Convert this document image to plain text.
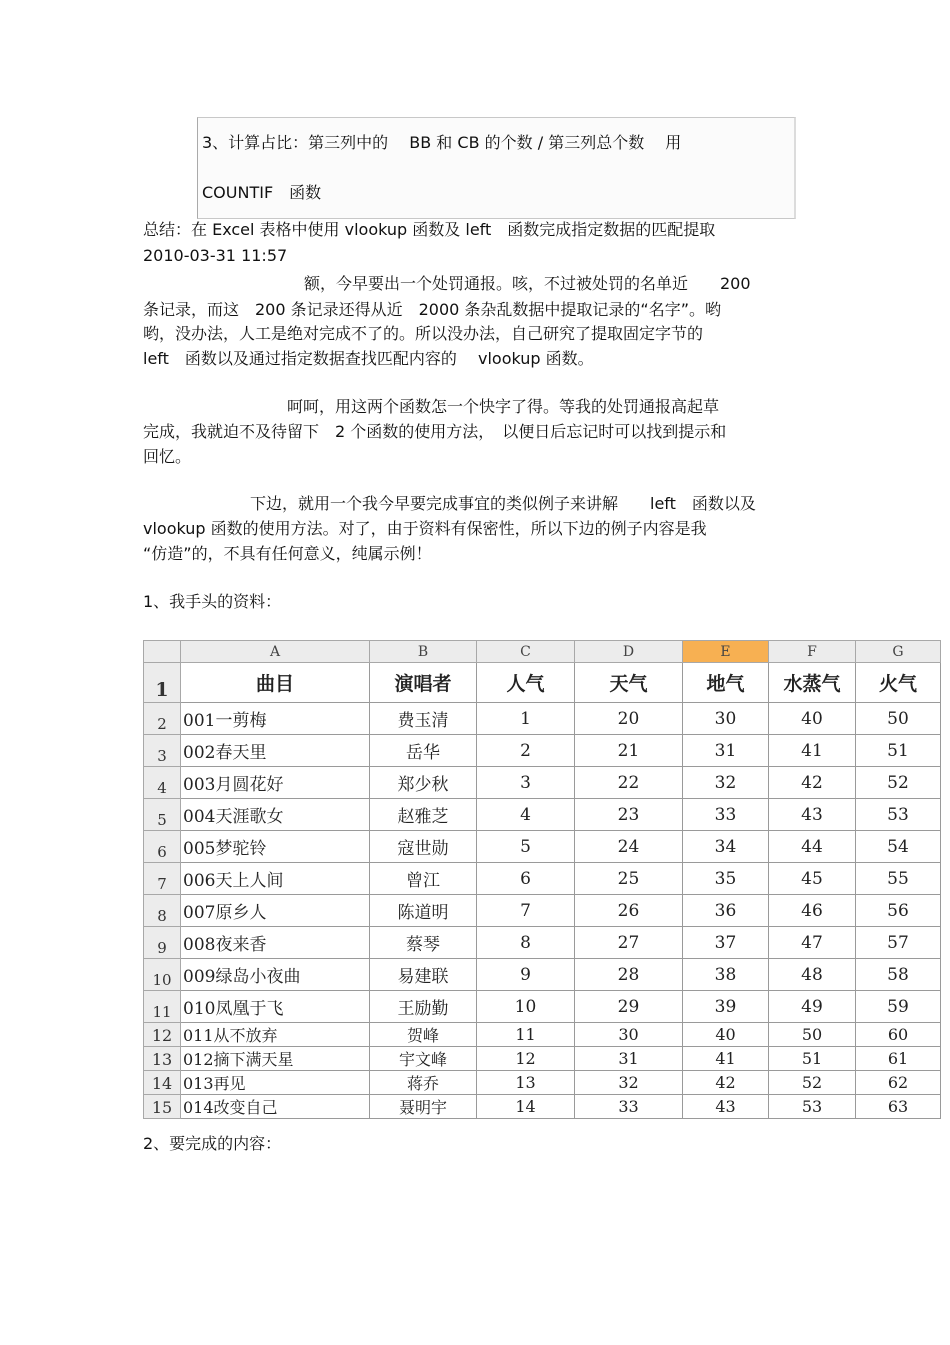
3、计算占比：第三列中的　 BB 和 CB 的个数 / 第三列总个数 　用
COUNTIF　函数
总结：在 Excel 表格中使用 vlookup 函数及 left　函数完成指定数据的匹配提取
2010-03-31 11:57
额，今早要出一个处罚通报。咳，不过被处罚的名单近　　200
条记录，而这　200 条记录还得从近　2000 条杂乱数据中提取记录的“名字”。哟
哟，没办法，人工是绝对完成不了的。所以没办法，自己研究了提取固定字节的
left　函数以及通过指定数据查找匹配内容的　 vlookup 函数。
呵呵，用这两个函数怎一个快字了得。等我的处罚通报高起草
完成，我就迫不及待留下　2 个函数的使用方法，　以便日后忘记时可以找到提示和
回忆。
下边，就用一个我今早要完成事宜的类似例子来讲解　　left　函数以及
vlookup 函数的使用方法。对了，由于资料有保密性，所以下边的例子内容是我
“仿造”的，不具有任何意义，纯属示例！
1、我手头的资料：
	A	B	C	D	E	F	G
1	曲目	演唱者	人气	天气	地气	水蒸气	火气
2	001一剪梅	费玉清	1	20	30	40	50
3	002春天里	岳华	2	21	31	41	51
4	003月圆花好	郑少秋	3	22	32	42	52
5	004天涯歌女	赵雅芝	4	23	33	43	53
6	005梦驼铃	寇世勋	5	24	34	44	54
7	006天上人间	曾江	6	25	35	45	55
8	007原乡人	陈道明	7	26	36	46	56
9	008夜来香	蔡琴	8	27	37	47	57
10	009绿岛小夜曲	易建联	9	28	38	48	58
11	010凤凰于飞	王励勤	10	29	39	49	59
12	011从不放弃	贺峰	11	30	40	50	60
13	012摘下满天星	宇文峰	12	31	41	51	61
14	013再见	蒋乔	13	32	42	52	62
15	014改变自己	聂明宇	14	33	43	53	63
2、要完成的内容：
